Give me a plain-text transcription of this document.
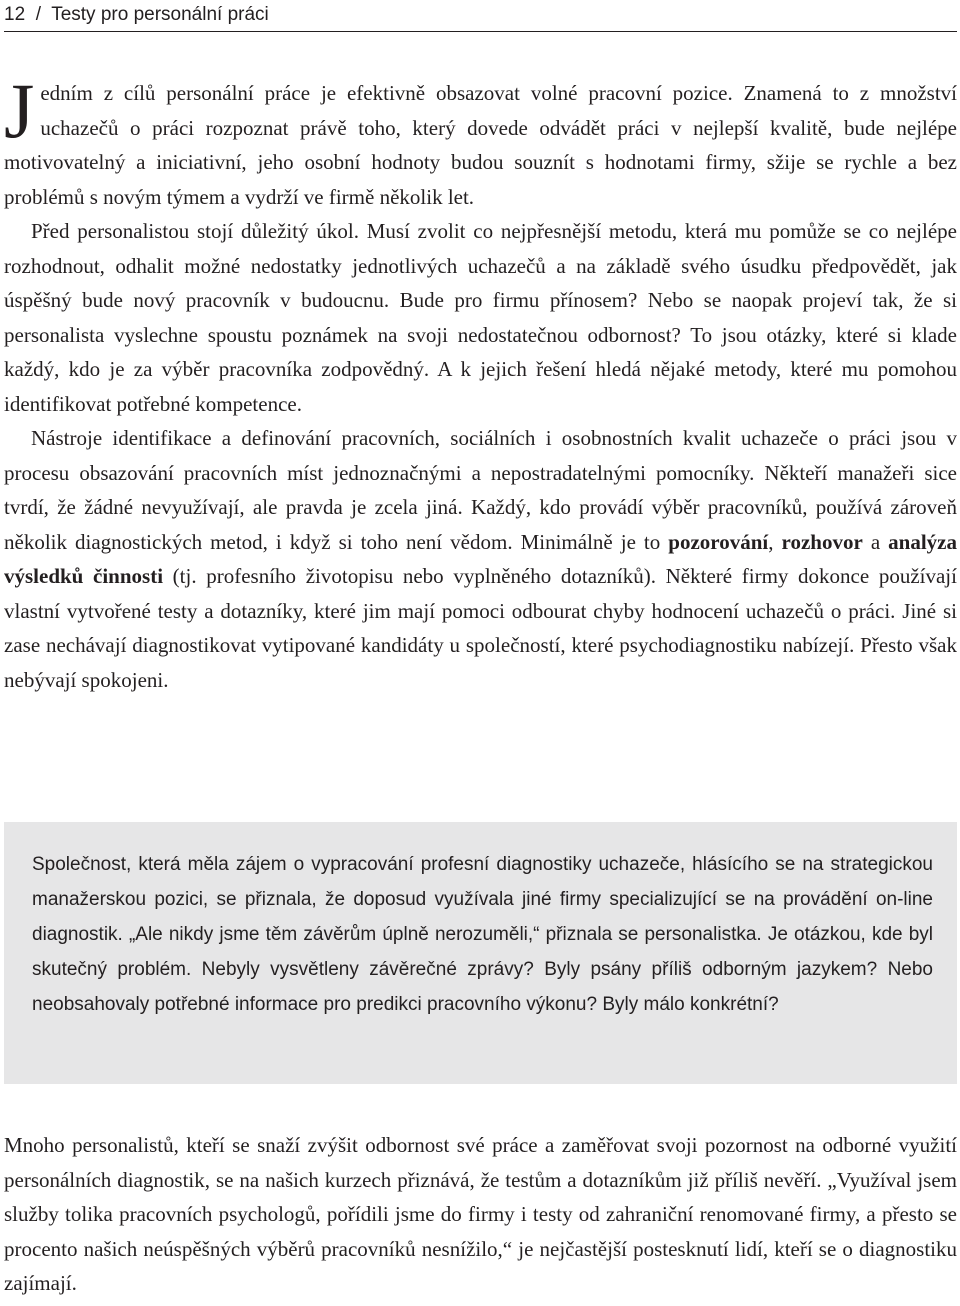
12 / Testy pro personální práci

Jedním z cílů personální práce je efektivně obsazovat volné pracovní pozice. Znamená to z množství uchazečů o práci rozpoznat právě toho, který dovede odvádět práci v nejlepší kvalitě, bude nejlépe motivovatelný a iniciativní, jeho osobní hodnoty budou souznít s hodnotami firmy, sžije se rychle a bez problémů s novým týmem a vydrží ve firmě několik let.

Před personalistou stojí důležitý úkol. Musí zvolit co nejpřesnější metodu, která mu pomůže se co nejlépe rozhodnout, odhalit možné nedostatky jednotlivých uchazečů a na základě svého úsudku předpovědět, jak úspěšný bude nový pracovník v budoucnu. Bude pro firmu přínosem? Nebo se naopak projeví tak, že si personalista vyslechne spoustu poznámek na svoji nedostatečnou odbornost? To jsou otázky, které si klade každý, kdo je za výběr pracovníka zodpovědný. A k jejich řešení hledá nějaké metody, které mu pomohou identifikovat potřebné kompetence.

Nástroje identifikace a definování pracovních, sociálních i osobnostních kvalit uchazeče o práci jsou v procesu obsazování pracovních míst jednoznačnými a nepostradatelnými pomocníky. Někteří manažeři sice tvrdí, že žádné nevyužívají, ale pravda je zcela jiná. Každý, kdo provádí výběr pracovníků, používá zároveň několik diagnostických metod, i když si toho není vědom. Minimálně je to pozorování, rozhovor a analýza výsledků činnosti (tj. profesního životopisu nebo vyplněného dotazníků). Některé firmy dokonce používají vlastní vytvořené testy a dotazníky, které jim mají pomoci odbourat chyby hodnocení uchazečů o práci. Jiné si zase nechávají diagnostikovat vytipované kandidáty u společností, které psychodiagnostiku nabízejí. Přesto však nebývají spokojeni.

Společnost, která měla zájem o vypracování profesní diagnostiky uchazeče, hlásícího se na strategickou manažerskou pozici, se přiznala, že doposud využívala jiné firmy specializující se na provádění on-line diagnostik. „Ale nikdy jsme těm závěrům úplně nerozuměli,“ přiznala se personalistka. Je otázkou, kde byl skutečný problém. Nebyly vysvětleny závěrečné zprávy? Byly psány příliš odborným jazykem? Nebo neobsahovaly potřebné informace pro predikci pracovního výkonu? Byly málo konkrétní?

Mnoho personalistů, kteří se snaží zvýšit odbornost své práce a zaměřovat svoji pozornost na odborné využití personálních diagnostik, se na našich kurzech přiznává, že testům a dotazníkům již příliš nevěří. „Využíval jsem služby tolika pracovních psychologů, pořídili jsme do firmy i testy od zahraniční renomované firmy, a přesto se procento našich neúspěšných výběrů pracovníků nesnížilo,“ je nejčastější postesknutí lidí, kteří se o diagnostiku zajímají.
